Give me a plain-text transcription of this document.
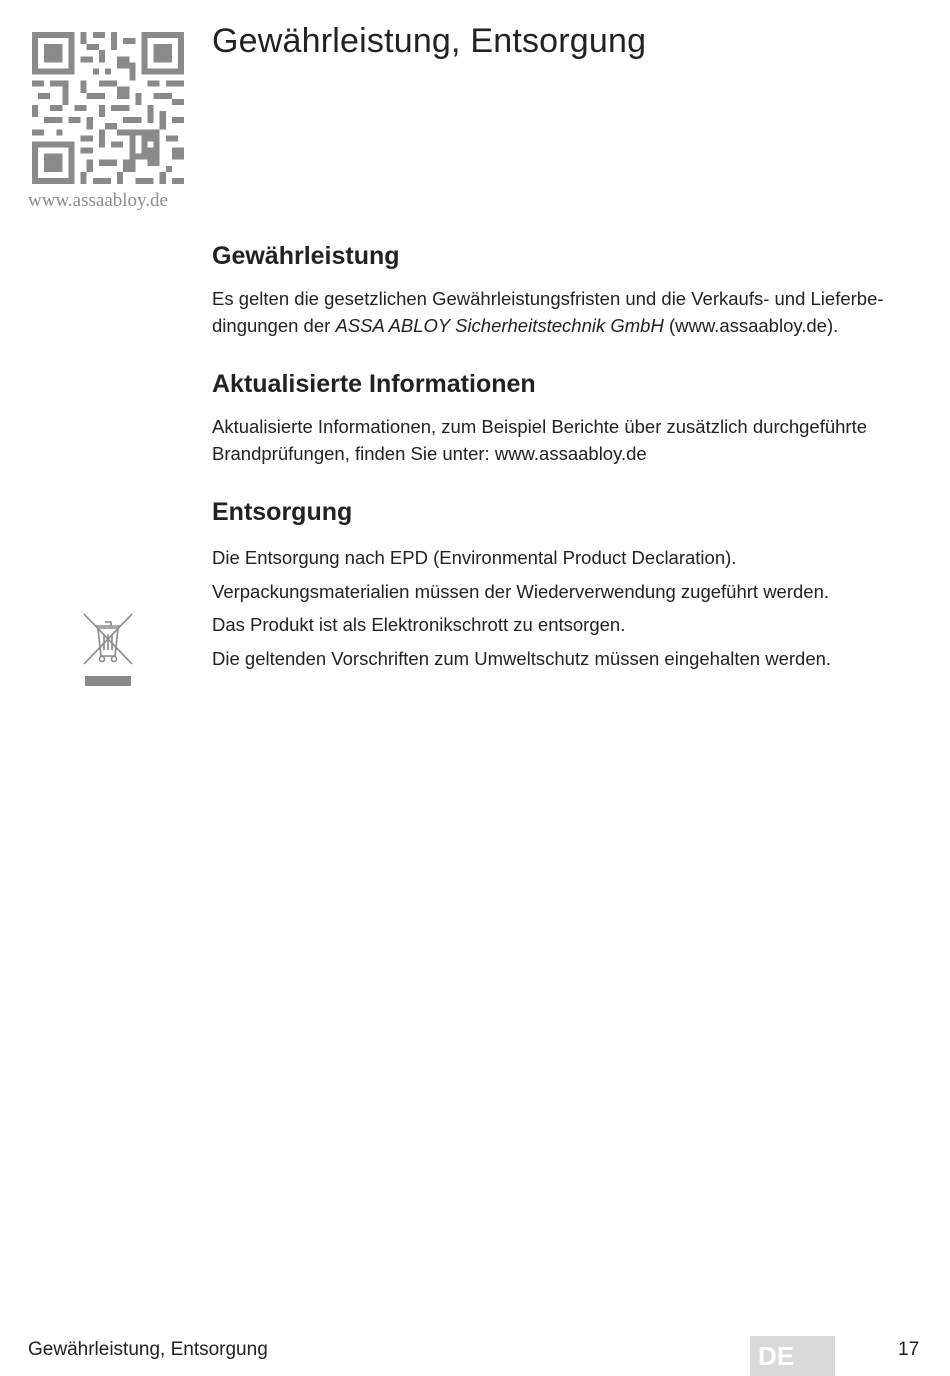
www.assaabloy.de
Gewährleistung, Entsorgung
Gewährleistung

Es gelten die gesetzlichen Gewährleistungsfristen und die Verkaufs- und Lieferbe-dingungen der ASSA ABLOY Sicherheitstechnik GmbH (www.assaabloy.de).

Aktualisierte Informationen

Aktualisierte Informationen, zum Beispiel Berichte über zusätzlich durchgeführte Brandprüfungen, finden Sie unter: www.assaabloy.de

Entsorgung
Die Entsorgung nach EPD (Environmental Product Declaration).
Verpackungsmaterialien müssen der Wiederverwendung zugeführt werden.
Das Produkt ist als Elektronikschrott zu entsorgen.
Die geltenden Vorschriften zum Umweltschutz müssen eingehalten werden.
Gewährleistung, Entsorgung	DE	17
